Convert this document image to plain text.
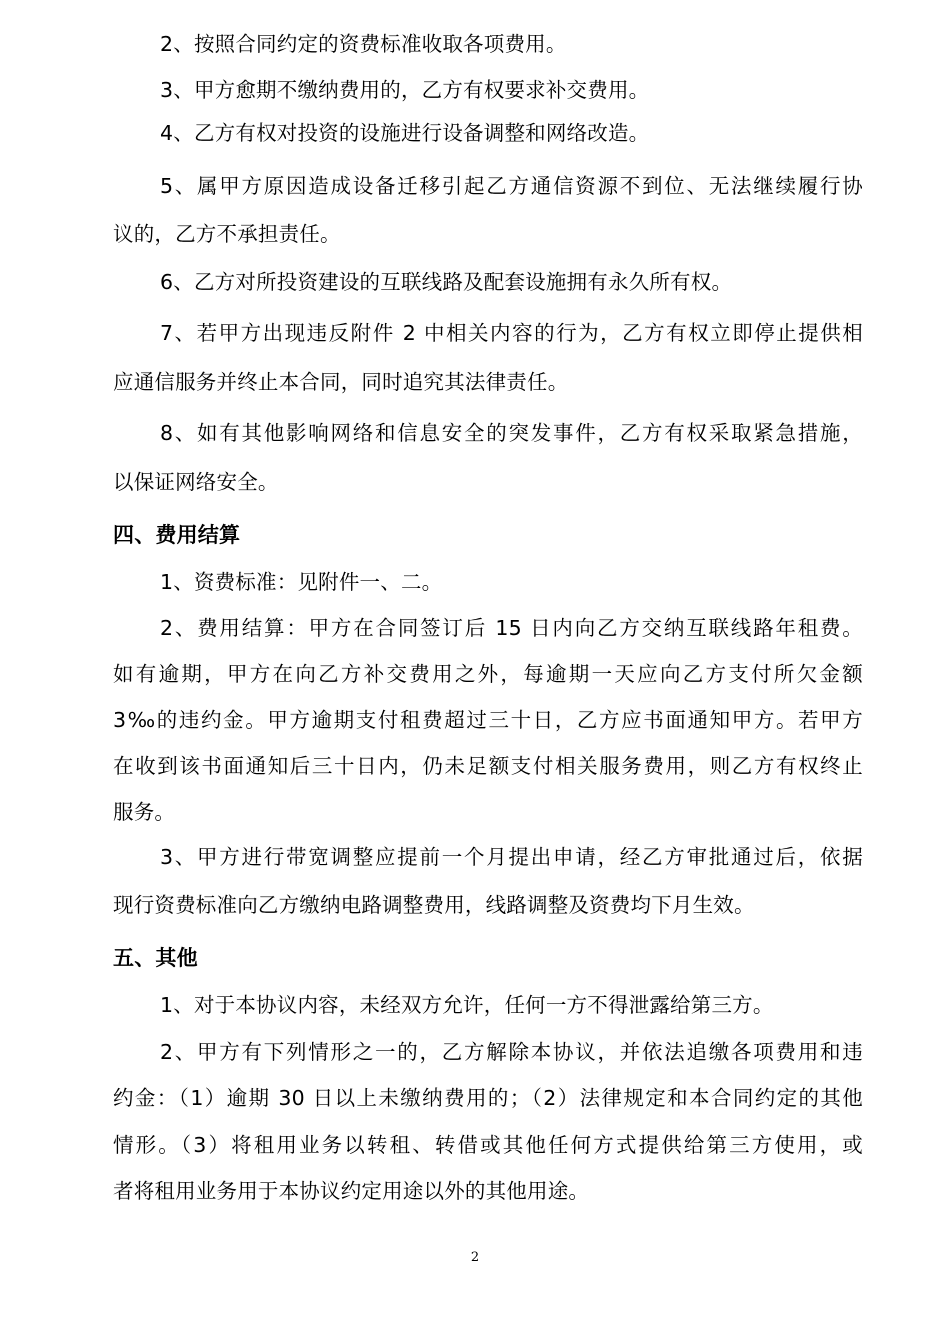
2、按照合同约定的资费标准收取各项费用。
3、甲方愈期不缴纳费用的，乙方有权要求补交费用。
4、乙方有权对投资的设施进行设备调整和网络改造。
5、属甲方原因造成设备迁移引起乙方通信资源不到位、无法继续履行协
议的，乙方不承担责任。
6、乙方对所投资建设的互联线路及配套设施拥有永久所有权。
7、若甲方出现违反附件 2 中相关内容的行为，乙方有权立即停止提供相
应通信服务并终止本合同，同时追究其法律责任。
8、如有其他影响网络和信息安全的突发事件，乙方有权采取紧急措施，
以保证网络安全。
四、费用结算
1、资费标准：见附件一、二。
2、费用结算：甲方在合同签订后 15 日内向乙方交纳互联线路年租费。
如有逾期，甲方在向乙方补交费用之外，每逾期一天应向乙方支付所欠金额
3‰的违约金。甲方逾期支付租费超过三十日，乙方应书面通知甲方。若甲方
在收到该书面通知后三十日内，仍未足额支付相关服务费用，则乙方有权终止
服务。
3、甲方进行带宽调整应提前一个月提出申请，经乙方审批通过后，依据
现行资费标准向乙方缴纳电路调整费用，线路调整及资费均下月生效。
五、其他
1、对于本协议内容，未经双方允许，任何一方不得泄露给第三方。
2、甲方有下列情形之一的，乙方解除本协议，并依法追缴各项费用和违
约金：（1）逾期 30 日以上未缴纳费用的；（2）法律规定和本合同约定的其他
情形。（3）将租用业务以转租、转借或其他任何方式提供给第三方使用，或
者将租用业务用于本协议约定用途以外的其他用途。
2
